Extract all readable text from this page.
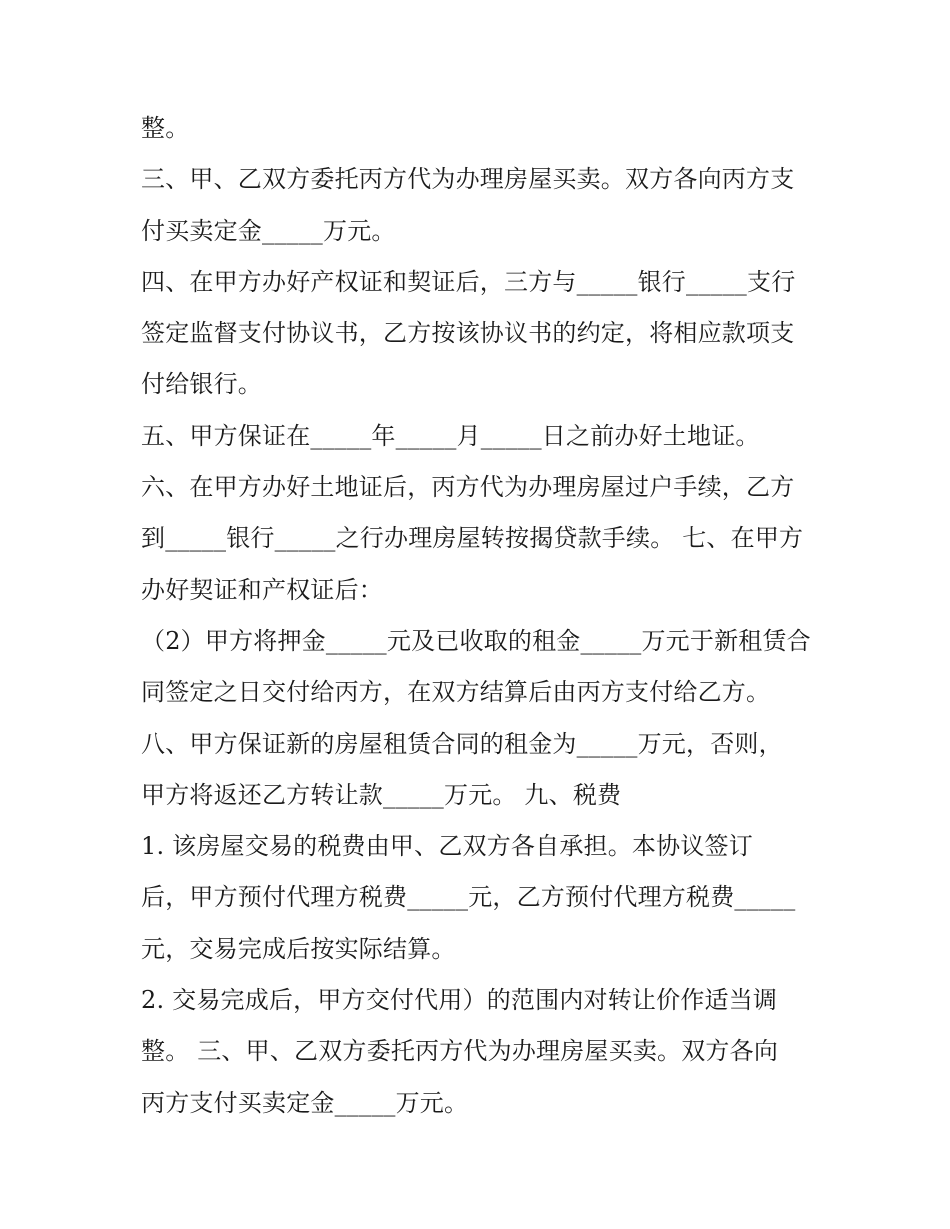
整。
三、甲、乙双方委托丙方代为办理房屋买卖。双方各向丙方支
付买卖定金_____万元。
四、在甲方办好产权证和契证后，三方与_____银行_____支行
签定监督支付协议书，乙方按该协议书的约定，将相应款项支
付给银行。
五、甲方保证在_____年_____月_____日之前办好土地证。
六、在甲方办好土地证后，丙方代为办理房屋过户手续，乙方
到_____银行_____之行办理房屋转按揭贷款手续。 七、在甲方
办好契证和产权证后：
（2）甲方将押金_____元及已收取的租金_____万元于新租赁合
同签定之日交付给丙方，在双方结算后由丙方支付给乙方。
八、甲方保证新的房屋租赁合同的租金为_____万元，否则，
甲方将返还乙方转让款_____万元。 九、税费
1. 该房屋交易的税费由甲、乙双方各自承担。本协议签订
后，甲方预付代理方税费_____元，乙方预付代理方税费_____
元，交易完成后按实际结算。
2. 交易完成后，甲方交付代用）的范围内对转让价作适当调
整。 三、甲、乙双方委托丙方代为办理房屋买卖。双方各向
丙方支付买卖定金_____万元。
